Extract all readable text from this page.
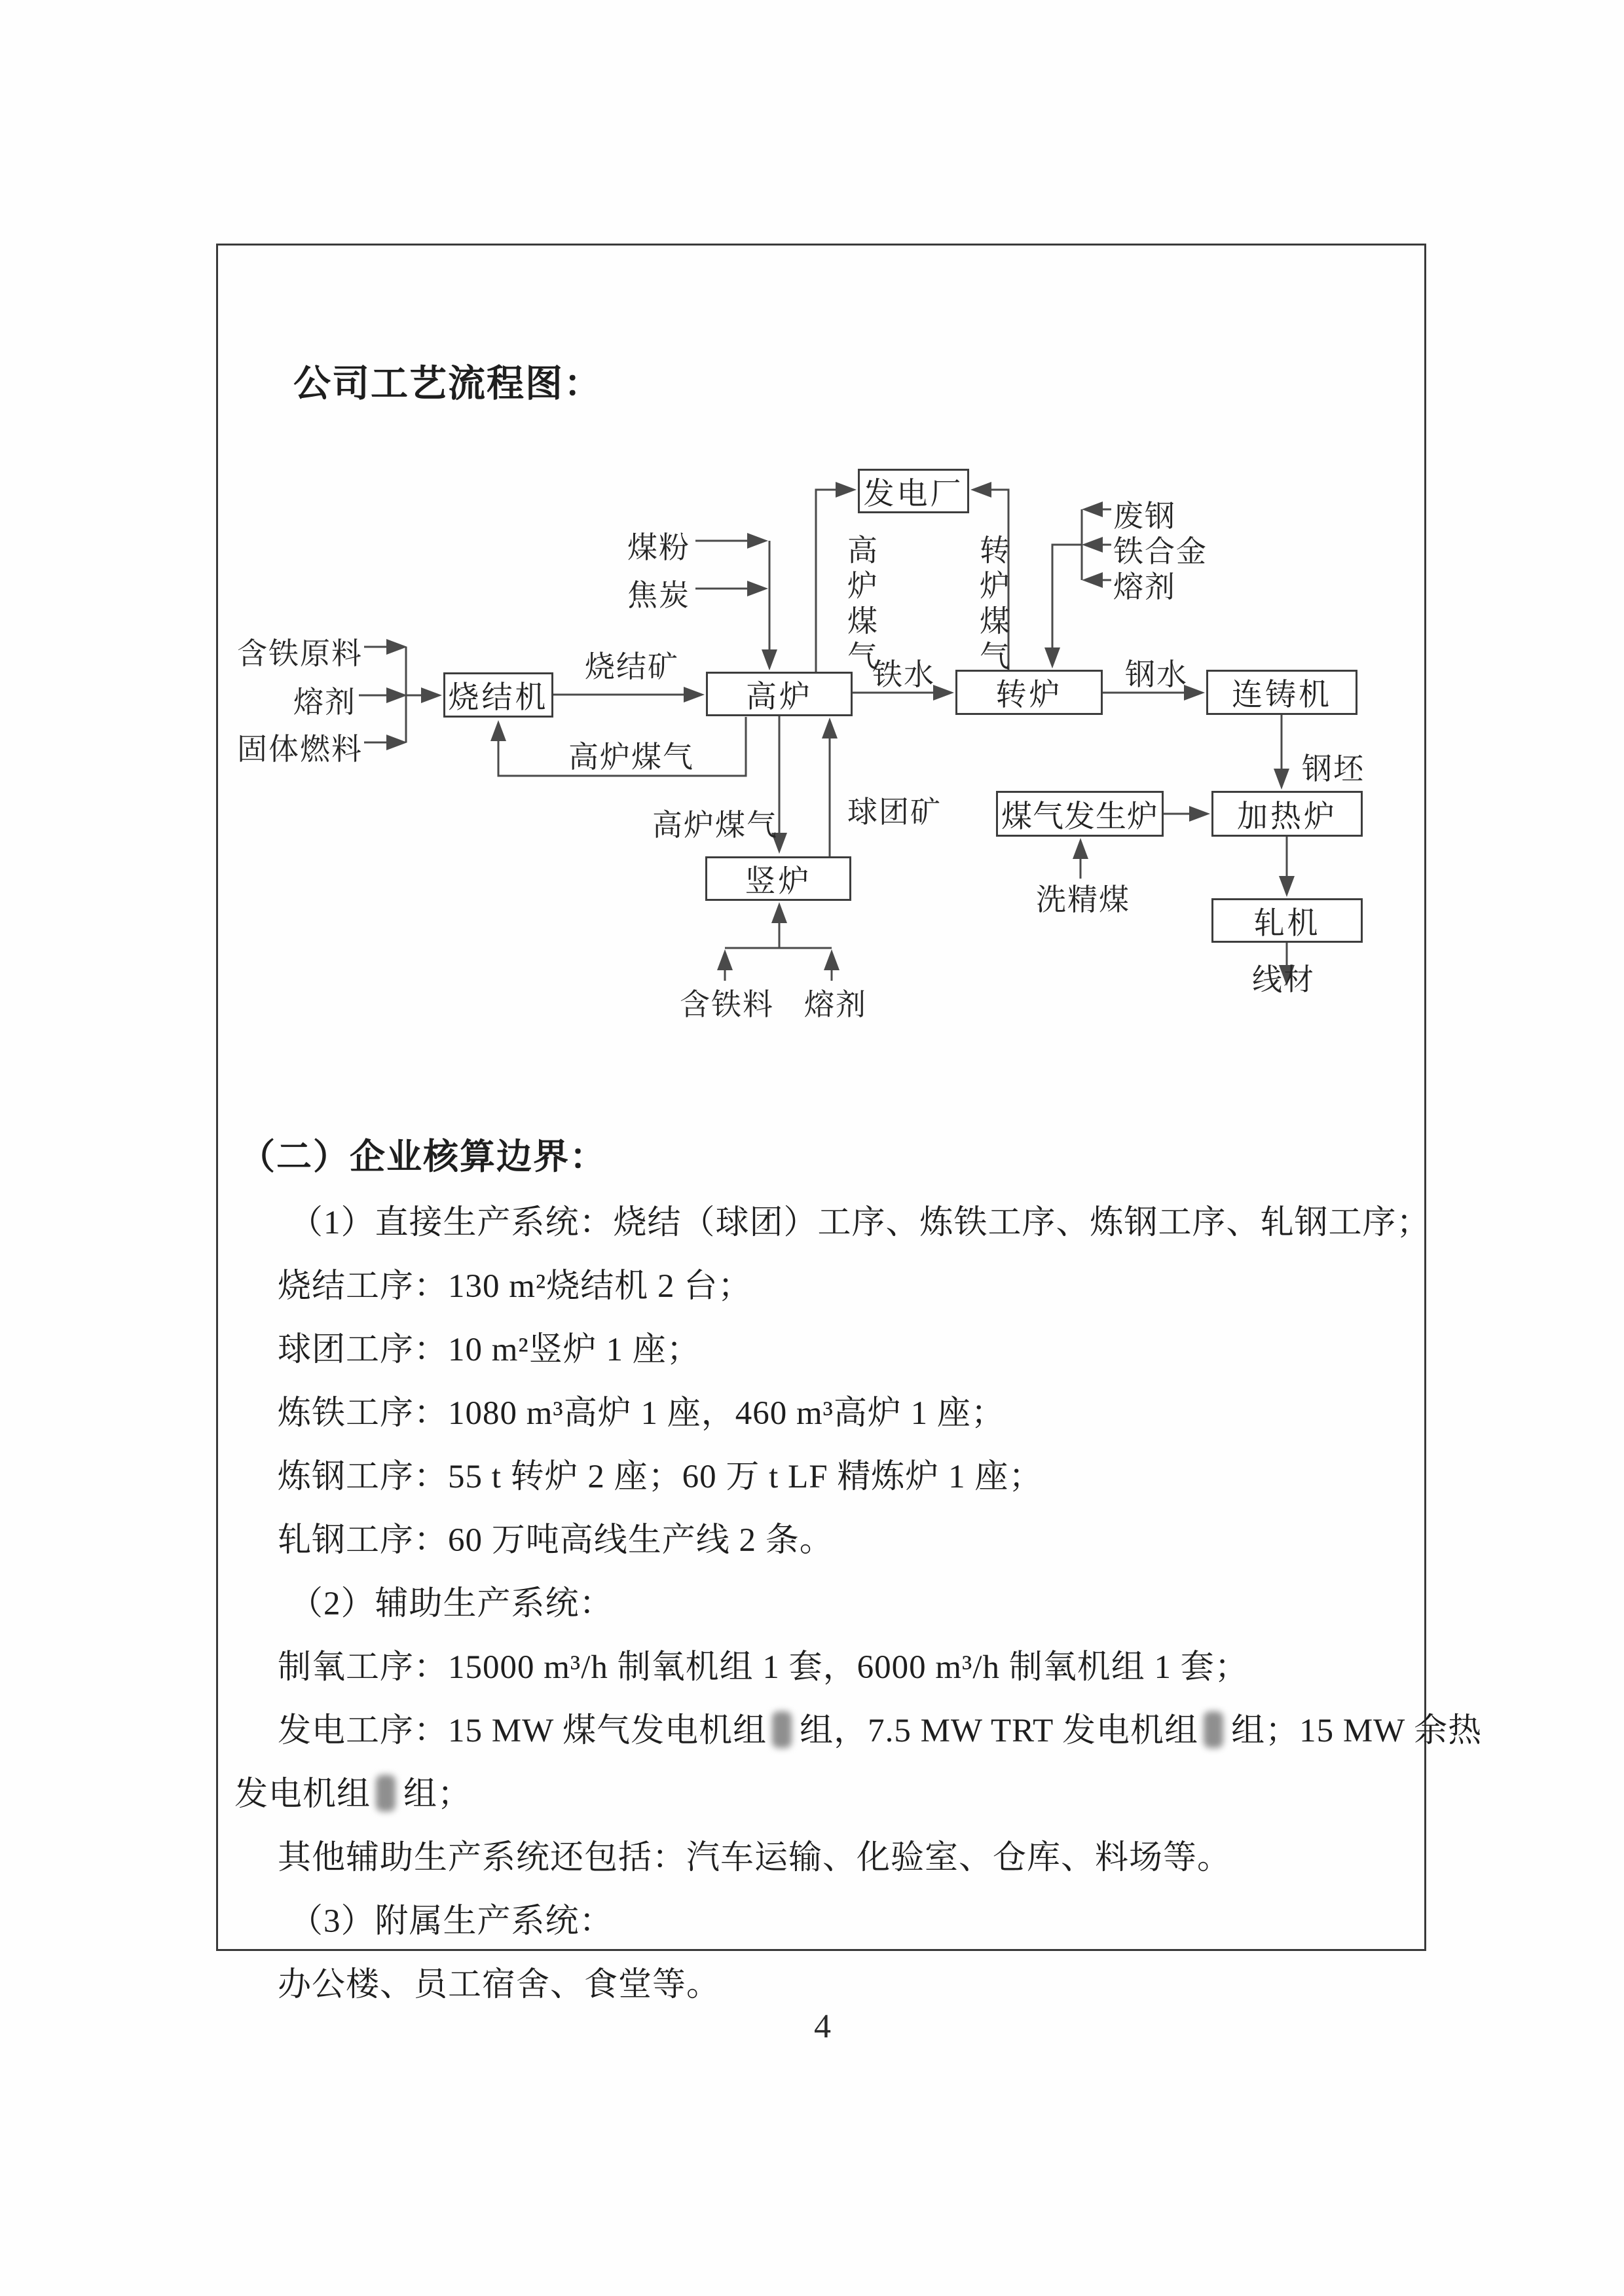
公司工艺流程图：
发电厂
烧结机	高炉	转炉	连铸机
煤气发生炉	加热炉
竖炉
轧机
煤粉
焦炭
废钢
铁合金
熔剂
含铁原料
熔剂
固体燃料
烧结矿	铁水	钢水
钢坯
球团矿
高炉煤气
高炉煤气
洗精煤
含铁料 熔剂
线材
高炉煤气	转炉煤气
（二）企业核算边界：
（1）直接生产系统：烧结（球团）工序、炼铁工序、炼钢工序、轧钢工序；
烧结工序：130 m²烧结机 2 台；
球团工序：10 m²竖炉 1 座；
炼铁工序：1080 m³高炉 1 座，460 m³高炉 1 座；
炼钢工序：55 t 转炉 2 座；60 万 t LF 精炼炉 1 座；
轧钢工序：60 万吨高线生产线 2 条。
（2）辅助生产系统：
制氧工序：15000 m³/h 制氧机组 1 套，6000 m³/h 制氧机组 1 套；
发电工序：15 MW 煤气发电机组 组，7.5 MW TRT 发电机组 组；15 MW 余热
发电机组 组；
其他辅助生产系统还包括：汽车运输、化验室、仓库、料场等。
（3）附属生产系统：
办公楼、员工宿舍、食堂等。
4
